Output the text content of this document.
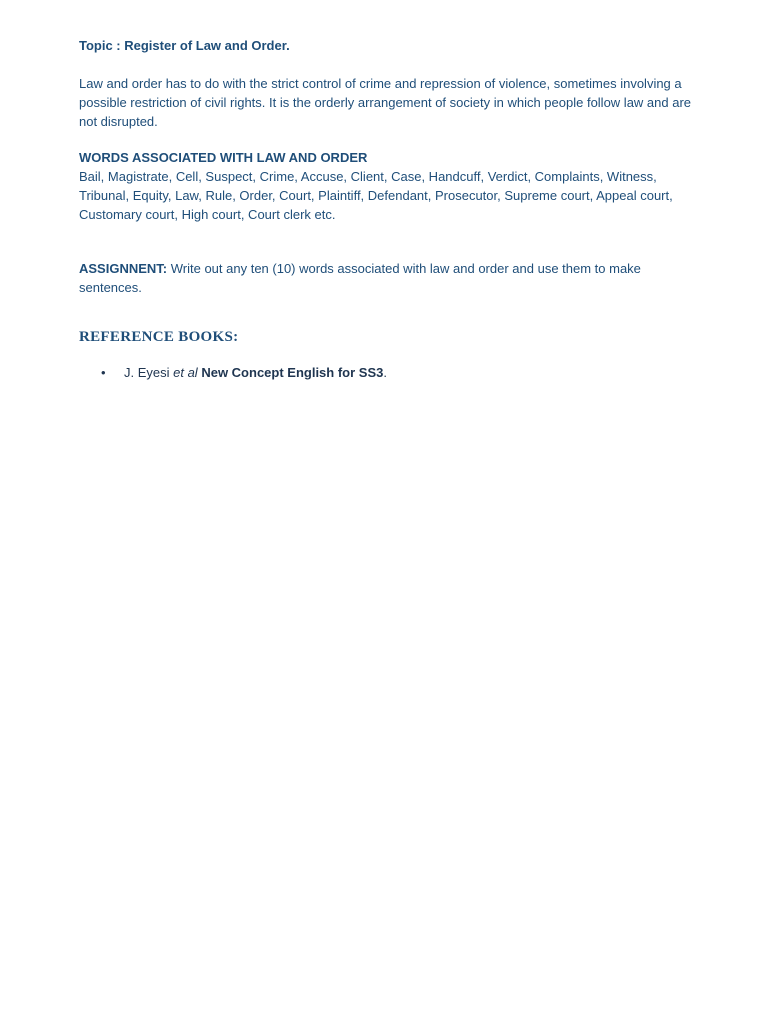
Topic : Register of Law and Order.

Law and order has to do with the strict control of crime and repression of violence, sometimes involving a possible restriction of civil rights. It is the orderly arrangement of society in which people follow law and are not disrupted.

WORDS ASSOCIATED WITH LAW AND ORDER

Bail, Magistrate, Cell, Suspect, Crime, Accuse, Client, Case, Handcuff, Verdict, Complaints, Witness, Tribunal, Equity, Law, Rule, Order, Court, Plaintiff, Defendant, Prosecutor, Supreme court, Appeal court, Customary court, High court, Court clerk etc.

ASSIGNNENT: Write out any ten (10) words associated with law and order and use them to make sentences.

REFERENCE BOOKS:

• J. Eyesi et al New Concept English for SS3.
